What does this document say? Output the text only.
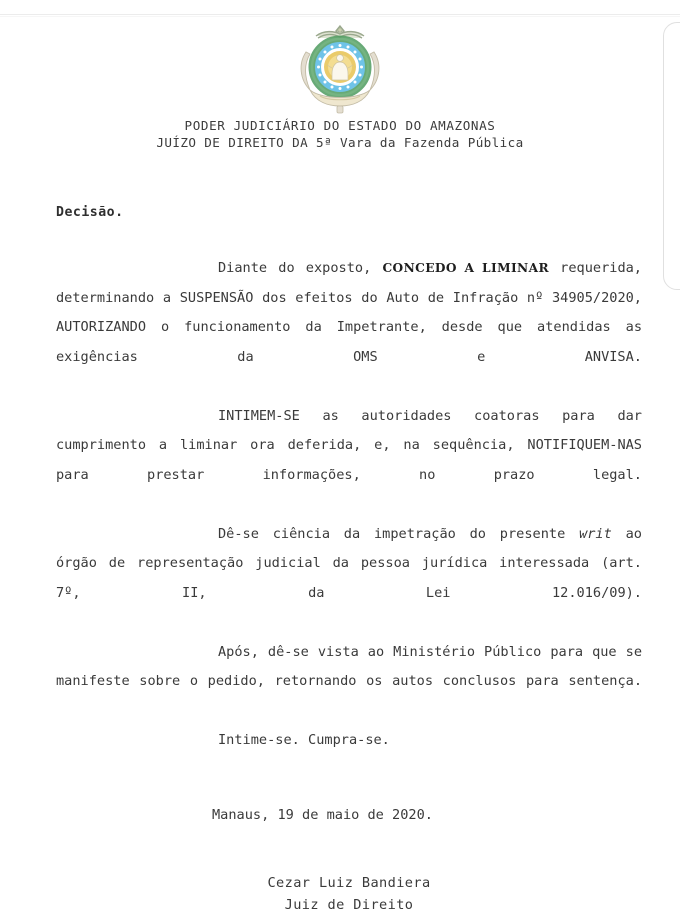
PODER JUDICIÁRIO DO ESTADO DO AMAZONAS
JUÍZO DE DIREITO DA 5ª Vara da Fazenda Pública
Decisão.

Diante do exposto, CONCEDO A LIMINAR requerida, determinando a SUSPENSÃO dos efeitos do Auto de Infração nº 34905/2020, AUTORIZANDO o funcionamento da Impetrante, desde que atendidas as exigências da OMS e ANVISA.

INTIMEM-SE as autoridades coatoras para dar cumprimento a liminar ora deferida, e, na sequência, NOTIFIQUEM-NAS para prestar informações, no prazo legal.

Dê-se ciência da impetração do presente writ ao órgão de representação judicial da pessoa jurídica interessada (art. 7º, II, da Lei 12.016/09).

Após, dê-se vista ao Ministério Público para que se manifeste sobre o pedido, retornando os autos conclusos para sentença.

Intime-se. Cumpra-se.
Manaus, 19 de maio de 2020.
Cezar Luiz Bandiera
Juiz de Direito
